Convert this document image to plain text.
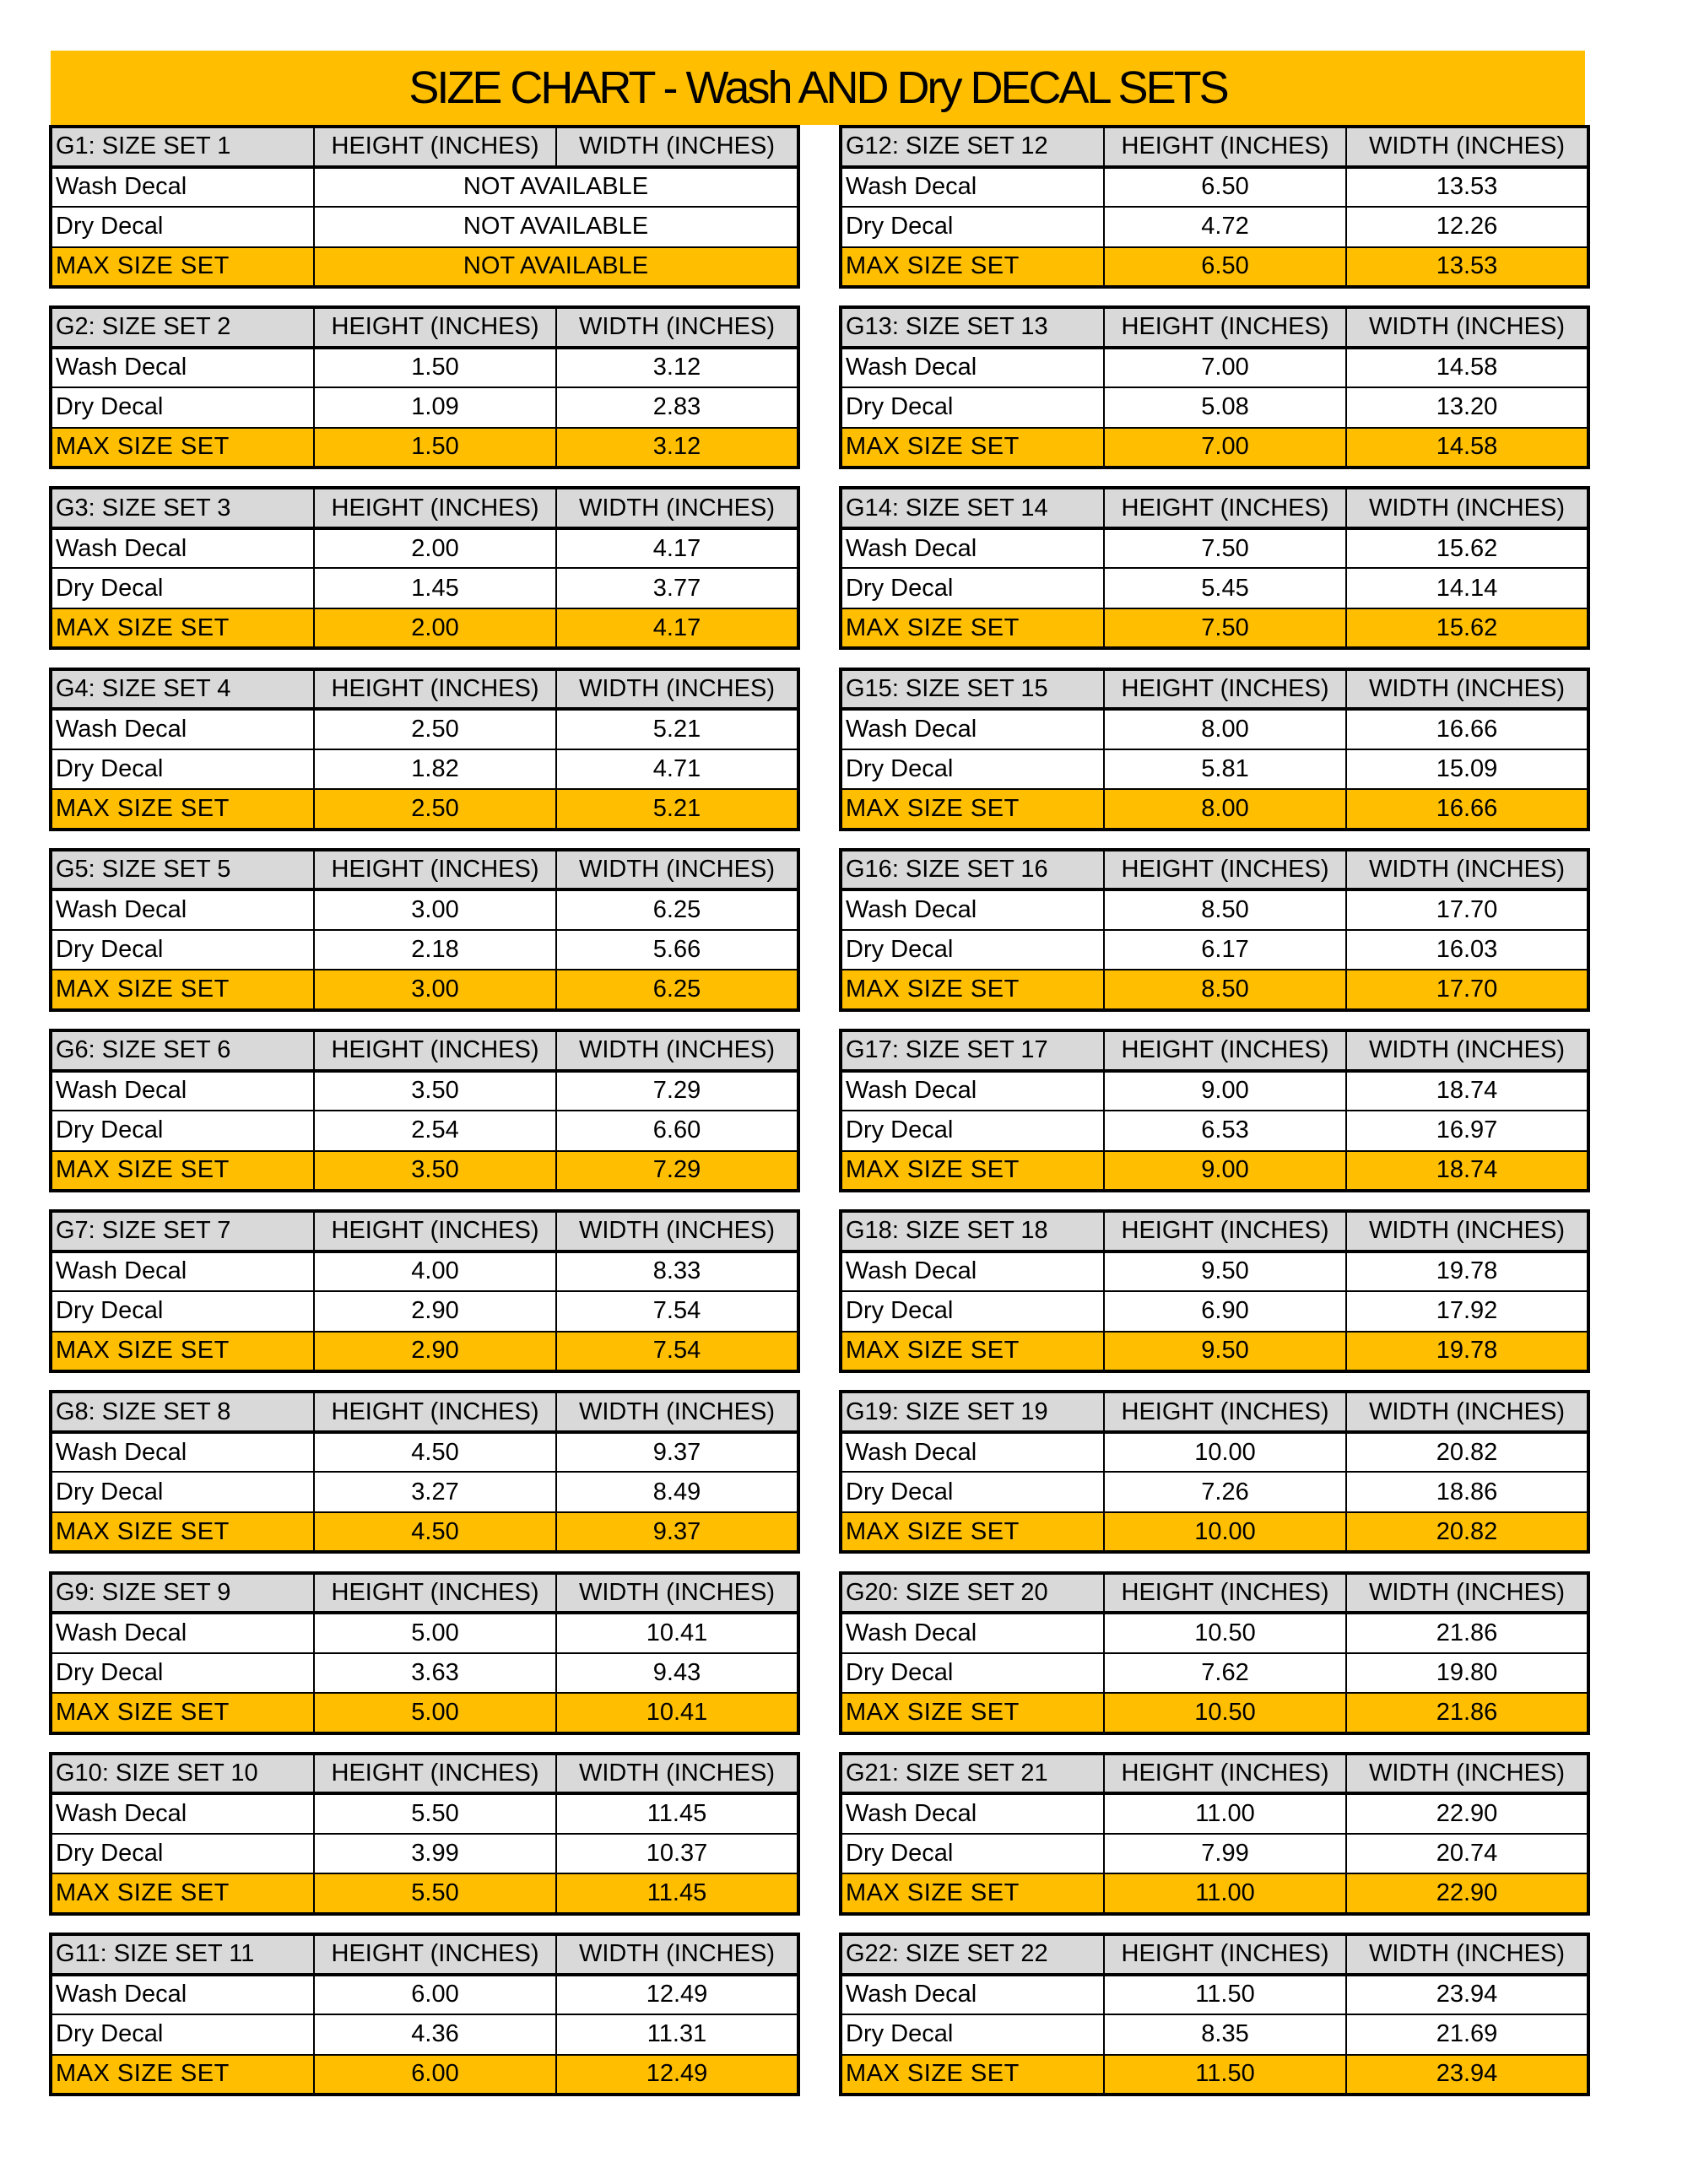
SIZE CHART - Wash AND Dry DECAL SETS
G1: SIZE SET 1	HEIGHT (INCHES)	WIDTH (INCHES)
Wash Decal	NOT AVAILABLE	
Dry Decal	NOT AVAILABLE	
MAX SIZE SET	NOT AVAILABLE	
G2: SIZE SET 2	HEIGHT (INCHES)	WIDTH (INCHES)
Wash Decal	1.50	3.12
Dry Decal	1.09	2.83
MAX SIZE SET	1.50	3.12
G3: SIZE SET 3	HEIGHT (INCHES)	WIDTH (INCHES)
Wash Decal	2.00	4.17
Dry Decal	1.45	3.77
MAX SIZE SET	2.00	4.17
G4: SIZE SET 4	HEIGHT (INCHES)	WIDTH (INCHES)
Wash Decal	2.50	5.21
Dry Decal	1.82	4.71
MAX SIZE SET	2.50	5.21
G5: SIZE SET 5	HEIGHT (INCHES)	WIDTH (INCHES)
Wash Decal	3.00	6.25
Dry Decal	2.18	5.66
MAX SIZE SET	3.00	6.25
G6: SIZE SET 6	HEIGHT (INCHES)	WIDTH (INCHES)
Wash Decal	3.50	7.29
Dry Decal	2.54	6.60
MAX SIZE SET	3.50	7.29
G7: SIZE SET 7	HEIGHT (INCHES)	WIDTH (INCHES)
Wash Decal	4.00	8.33
Dry Decal	2.90	7.54
MAX SIZE SET	2.90	7.54
G8: SIZE SET 8	HEIGHT (INCHES)	WIDTH (INCHES)
Wash Decal	4.50	9.37
Dry Decal	3.27	8.49
MAX SIZE SET	4.50	9.37
G9: SIZE SET 9	HEIGHT (INCHES)	WIDTH (INCHES)
Wash Decal	5.00	10.41
Dry Decal	3.63	9.43
MAX SIZE SET	5.00	10.41
G10: SIZE SET 10	HEIGHT (INCHES)	WIDTH (INCHES)
Wash Decal	5.50	11.45
Dry Decal	3.99	10.37
MAX SIZE SET	5.50	11.45
G11: SIZE SET 11	HEIGHT (INCHES)	WIDTH (INCHES)
Wash Decal	6.00	12.49
Dry Decal	4.36	11.31
MAX SIZE SET	6.00	12.49
G12: SIZE SET 12	HEIGHT (INCHES)	WIDTH (INCHES)
Wash Decal	6.50	13.53
Dry Decal	4.72	12.26
MAX SIZE SET	6.50	13.53
G13: SIZE SET 13	HEIGHT (INCHES)	WIDTH (INCHES)
Wash Decal	7.00	14.58
Dry Decal	5.08	13.20
MAX SIZE SET	7.00	14.58
G14: SIZE SET 14	HEIGHT (INCHES)	WIDTH (INCHES)
Wash Decal	7.50	15.62
Dry Decal	5.45	14.14
MAX SIZE SET	7.50	15.62
G15: SIZE SET 15	HEIGHT (INCHES)	WIDTH (INCHES)
Wash Decal	8.00	16.66
Dry Decal	5.81	15.09
MAX SIZE SET	8.00	16.66
G16: SIZE SET 16	HEIGHT (INCHES)	WIDTH (INCHES)
Wash Decal	8.50	17.70
Dry Decal	6.17	16.03
MAX SIZE SET	8.50	17.70
G17: SIZE SET 17	HEIGHT (INCHES)	WIDTH (INCHES)
Wash Decal	9.00	18.74
Dry Decal	6.53	16.97
MAX SIZE SET	9.00	18.74
G18: SIZE SET 18	HEIGHT (INCHES)	WIDTH (INCHES)
Wash Decal	9.50	19.78
Dry Decal	6.90	17.92
MAX SIZE SET	9.50	19.78
G19: SIZE SET 19	HEIGHT (INCHES)	WIDTH (INCHES)
Wash Decal	10.00	20.82
Dry Decal	7.26	18.86
MAX SIZE SET	10.00	20.82
G20: SIZE SET 20	HEIGHT (INCHES)	WIDTH (INCHES)
Wash Decal	10.50	21.86
Dry Decal	7.62	19.80
MAX SIZE SET	10.50	21.86
G21: SIZE SET 21	HEIGHT (INCHES)	WIDTH (INCHES)
Wash Decal	11.00	22.90
Dry Decal	7.99	20.74
MAX SIZE SET	11.00	22.90
G22: SIZE SET 22	HEIGHT (INCHES)	WIDTH (INCHES)
Wash Decal	11.50	23.94
Dry Decal	8.35	21.69
MAX SIZE SET	11.50	23.94
